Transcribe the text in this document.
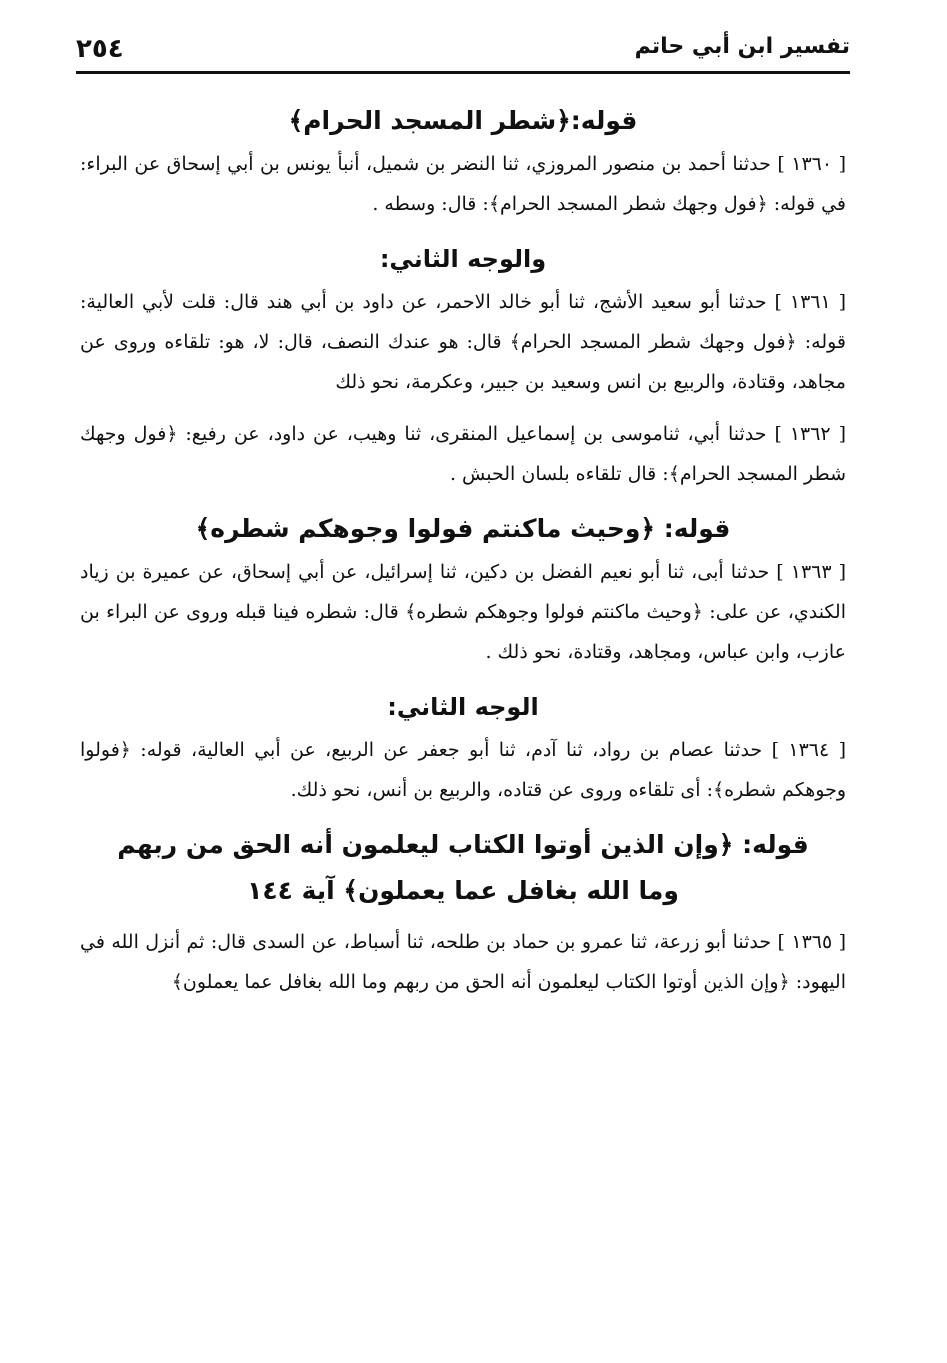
٢٥٤	تفسير ابن أبي حاتم
قوله:﴿شطر المسجد الحرام﴾

[ ١٣٦٠ ] حدثنا أحمد بن منصور المروزي، ثنا النضر بن شميل، أنبأ يونس بن أبي إسحاق عن البراء: في قوله: ﴿فول وجهك شطر المسجد الحرام﴾: قال: وسطه .

والوجه الثاني:

[ ١٣٦١ ] حدثنا أبو سعيد الأشج، ثنا أبو خالد الاحمر، عن داود بن أبي هند قال: قلت لأبي العالية: قوله: ﴿فول وجهك شطر المسجد الحرام﴾ قال: هو عندك النصف، قال: لا، هو: تلقاءه وروى عن مجاهد، وقتادة، والربيع بن انس وسعيد بن جبير، وعكرمة، نحو ذلك

[ ١٣٦٢ ] حدثنا أبي، ثناموسى بن إسماعيل المنقرى، ثنا وهيب، عن داود، عن رفيع: ﴿فول وجهك شطر المسجد الحرام﴾: قال تلقاءه بلسان الحبش .

قوله: ﴿وحيث ماكنتم فولوا وجوهكم شطره﴾

[ ١٣٦٣ ] حدثنا أبى، ثنا أبو نعيم الفضل بن دكين، ثنا إسرائيل، عن أبي إسحاق، عن عميرة بن زياد الكندي، عن على: ﴿وحيث ماكنتم فولوا وجوهكم شطره﴾ قال: شطره فينا قبله وروى عن البراء بن عازب، وابن عباس، ومجاهد، وقتادة، نحو ذلك .

الوجه الثاني:

[ ١٣٦٤ ] حدثنا عصام بن رواد، ثنا آدم، ثنا أبو جعفر عن الربيع، عن أبي العالية، قوله: ﴿فولوا وجوهكم شطره﴾: أى تلقاءه وروى عن قتاده، والربيع بن أنس، نحو ذلك.

قوله: ﴿وإن الذين أوتوا الكتاب ليعلمون أنه الحق من ربهم
وما الله بغافل عما يعملون﴾ آية ١٤٤

[ ١٣٦٥ ] حدثنا أبو زرعة، ثنا عمرو بن حماد بن طلحه، ثنا أسباط، عن السدى قال: ثم أنزل الله في اليهود: ﴿وإن الذين أوتوا الكتاب ليعلمون أنه الحق من ربهم وما الله بغافل عما يعملون﴾
